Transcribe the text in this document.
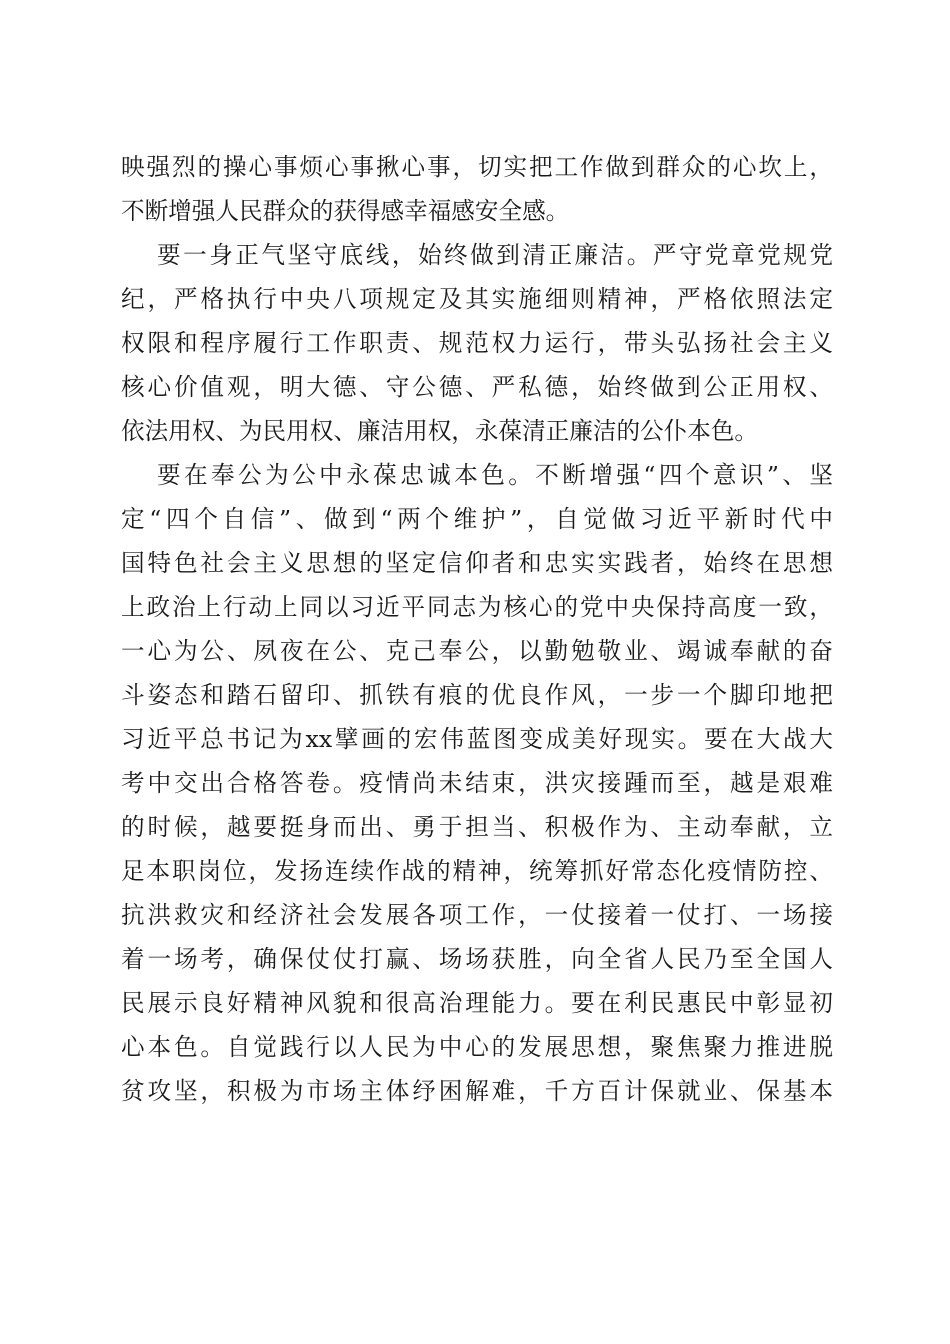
映强烈的操心事烦心事揪心事，切实把工作做到群众的心坎上，
不断增强人民群众的获得感幸福感安全感。
要一身正气坚守底线，始终做到清正廉洁。严守党章党规党
纪，严格执行中央八项规定及其实施细则精神，严格依照法定
权限和程序履行工作职责、规范权力运行，带头弘扬社会主义
核心价值观，明大德、守公德、严私德，始终做到公正用权、
依法用权、为民用权、廉洁用权，永葆清正廉洁的公仆本色。
要在奉公为公中永葆忠诚本色。不断增强“四个意识”、坚
定“四个自信”、做到“两个维护”，自觉做习近平新时代中
国特色社会主义思想的坚定信仰者和忠实实践者，始终在思想
上政治上行动上同以习近平同志为核心的党中央保持高度一致，
一心为公、夙夜在公、克己奉公，以勤勉敬业、竭诚奉献的奋
斗姿态和踏石留印、抓铁有痕的优良作风，一步一个脚印地把
习近平总书记为xx擘画的宏伟蓝图变成美好现实。要在大战大
考中交出合格答卷。疫情尚未结束，洪灾接踵而至，越是艰难
的时候，越要挺身而出、勇于担当、积极作为、主动奉献，立
足本职岗位，发扬连续作战的精神，统筹抓好常态化疫情防控、
抗洪救灾和经济社会发展各项工作，一仗接着一仗打、一场接
着一场考，确保仗仗打赢、场场获胜，向全省人民乃至全国人
民展示良好精神风貌和很高治理能力。要在利民惠民中彰显初
心本色。自觉践行以人民为中心的发展思想，聚焦聚力推进脱
贫攻坚，积极为市场主体纾困解难，千方百计保就业、保基本
